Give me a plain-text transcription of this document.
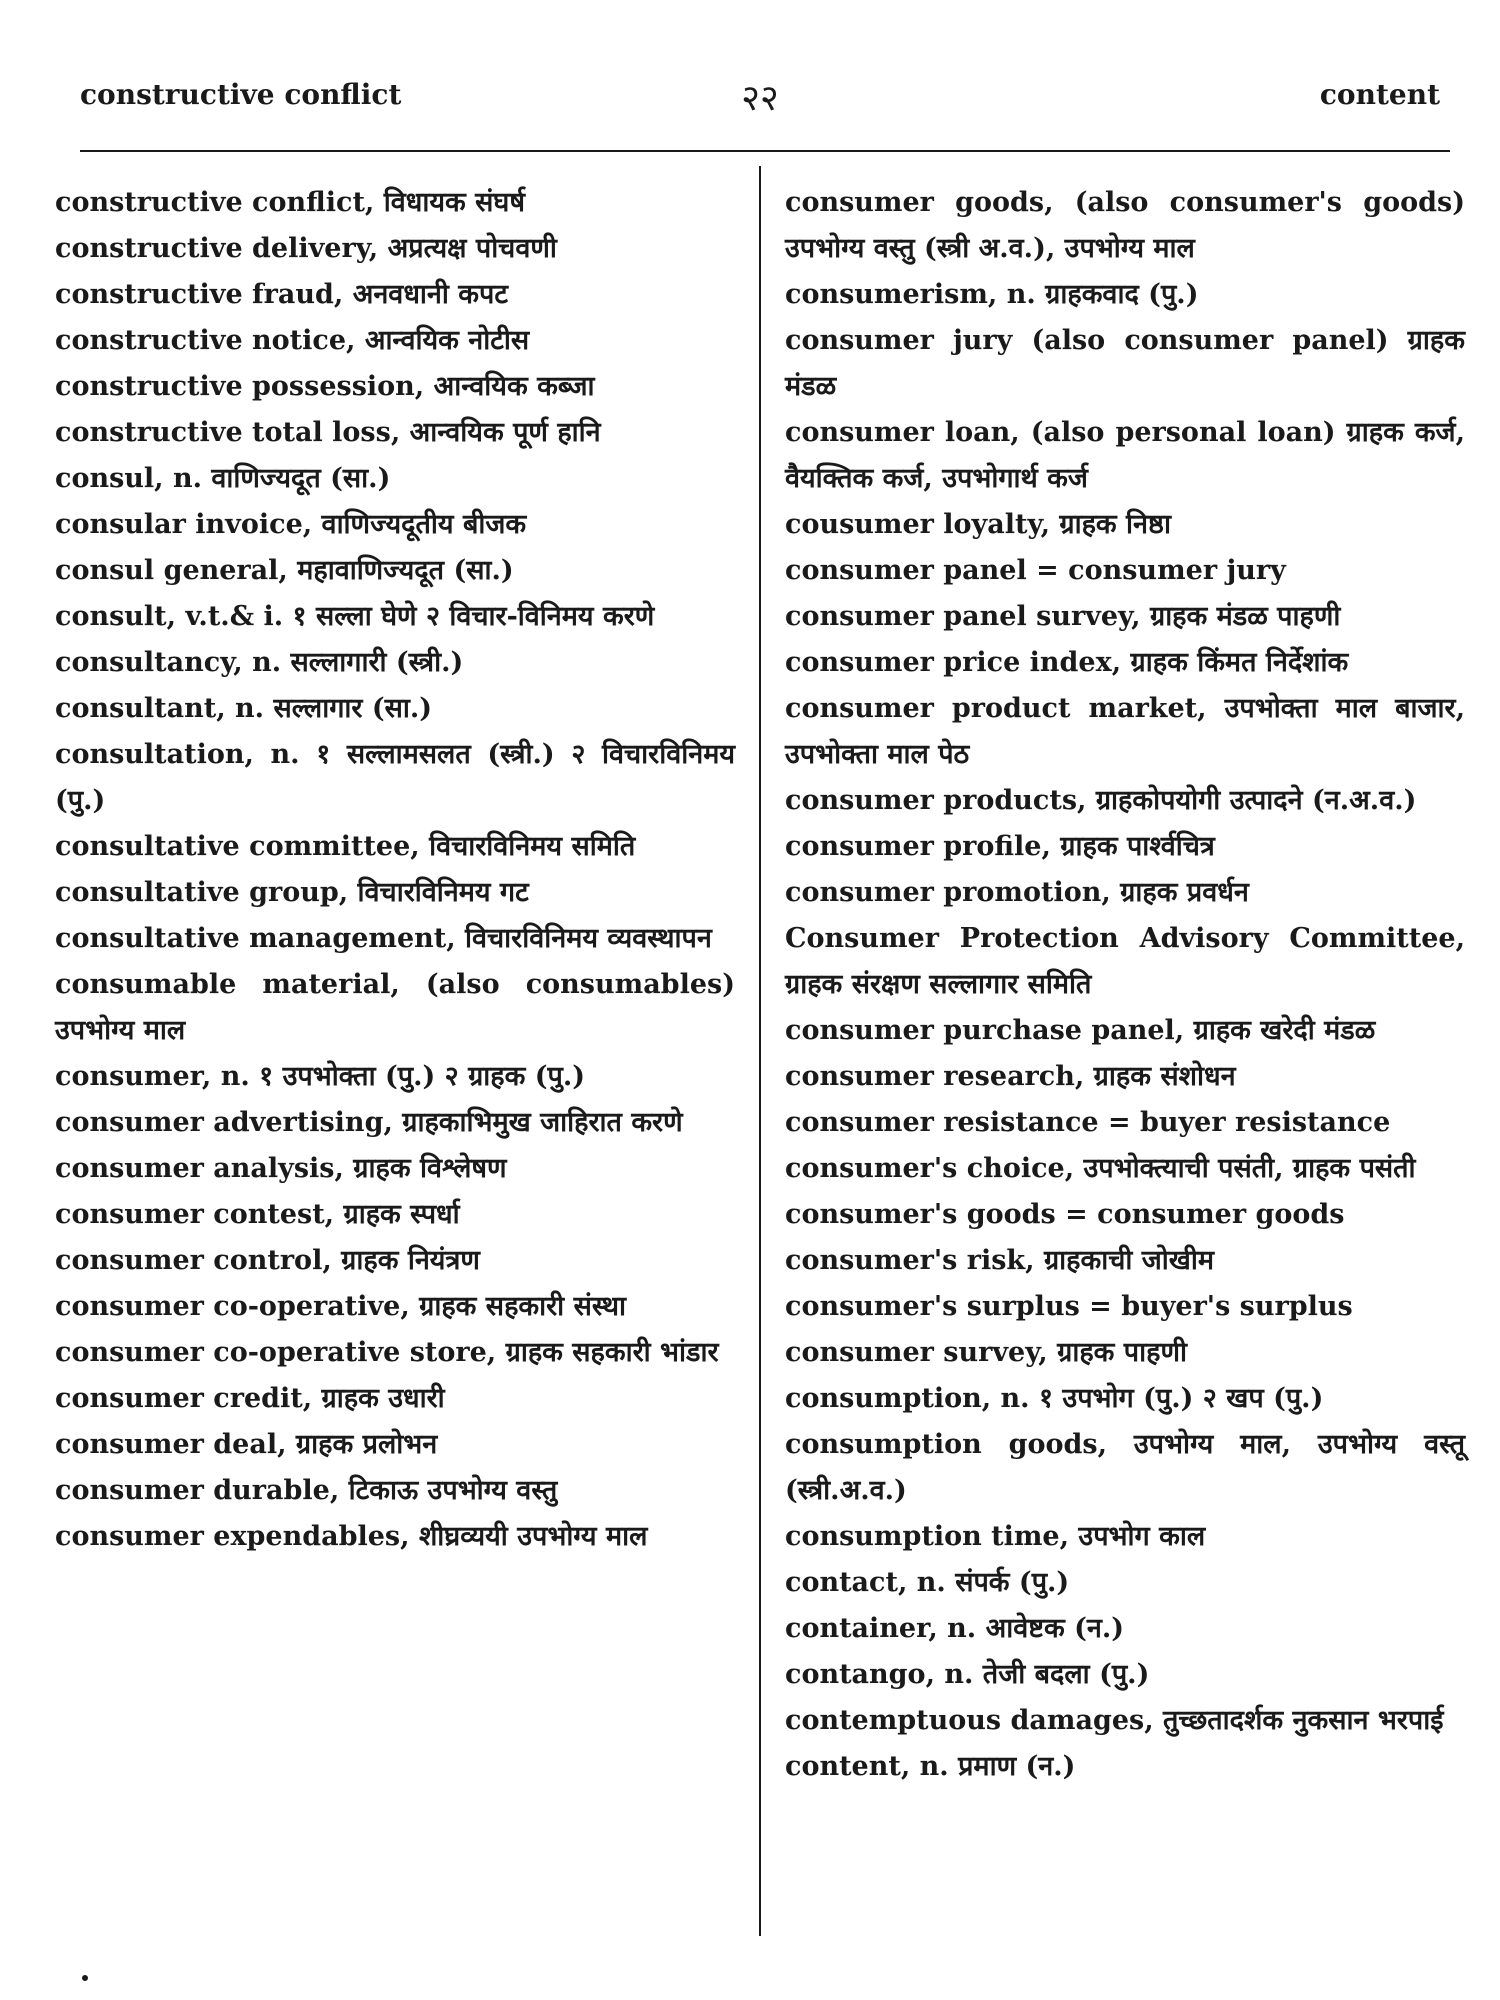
constructive conflict	२२	content
constructive conflict, विधायक संघर्ष
constructive delivery, अप्रत्यक्ष पोचवणी
constructive fraud, अनवधानी कपट
constructive notice, आन्वयिक नोटीस
constructive possession, आन्वयिक कब्जा
constructive total loss, आन्वयिक पूर्ण हानि
consul, n. वाणिज्यदूत (सा.)
consular invoice, वाणिज्यदूतीय बीजक
consul general, महावाणिज्यदूत (सा.)
consult, v.t.& i. १ सल्ला घेणे २ विचार-विनिमय करणे
consultancy, n. सल्लागारी (स्त्री.)
consultant, n. सल्लागार (सा.)
consultation, n. १ सल्लामसलत (स्त्री.) २ विचारविनिमय (पु.)
consultative committee, विचारविनिमय समिति
consultative group, विचारविनिमय गट
consultative management, विचारविनिमय व्यवस्थापन
consumable material, (also consumables) उपभोग्य माल
consumer, n. १ उपभोक्ता (पु.) २ ग्राहक (पु.)
consumer advertising, ग्राहकाभिमुख जाहिरात करणे
consumer analysis, ग्राहक विश्लेषण
consumer contest, ग्राहक स्पर्धा
consumer control, ग्राहक नियंत्रण
consumer co-operative, ग्राहक सहकारी संस्था
consumer co-operative store, ग्राहक सहकारी भांडार
consumer credit, ग्राहक उधारी
consumer deal, ग्राहक प्रलोभन
consumer durable, टिकाऊ उपभोग्य वस्तु
consumer expendables, शीघ्रव्ययी उपभोग्य माल
consumer goods, (also consumer's goods) उपभोग्य वस्तु (स्त्री अ.व.), उपभोग्य माल
consumerism, n. ग्राहकवाद (पु.)
consumer jury (also consumer panel) ग्राहक मंडळ
consumer loan, (also personal loan) ग्राहक कर्ज, वैयक्तिक कर्ज, उपभोगार्थ कर्ज
cousumer loyalty, ग्राहक निष्ठा
consumer panel = consumer jury
consumer panel survey, ग्राहक मंडळ पाहणी
consumer price index, ग्राहक किंमत निर्देशांक
consumer product market, उपभोक्ता माल बाजार, उपभोक्ता माल पेठ
consumer products, ग्राहकोपयोगी उत्पादने (न.अ.व.)
consumer profile, ग्राहक पार्श्वचित्र
consumer promotion, ग्राहक प्रवर्धन
Consumer Protection Advisory Committee, ग्राहक संरक्षण सल्लागार समिति
consumer purchase panel, ग्राहक खरेदी मंडळ
consumer research, ग्राहक संशोधन
consumer resistance = buyer resistance
consumer's choice, उपभोक्त्याची पसंती, ग्राहक पसंती
consumer's goods = consumer goods
consumer's risk, ग्राहकाची जोखीम
consumer's surplus = buyer's surplus
consumer survey, ग्राहक पाहणी
consumption, n. १ उपभोग (पु.) २ खप (पु.)
consumption goods, उपभोग्य माल, उपभोग्य वस्तू (स्त्री.अ.व.)
consumption time, उपभोग काल
contact, n. संपर्क (पु.)
container, n. आवेष्टक (न.)
contango, n. तेजी बदला (पु.)
contemptuous damages, तुच्छतादर्शक नुकसान भरपाई
content, n. प्रमाण (न.)
